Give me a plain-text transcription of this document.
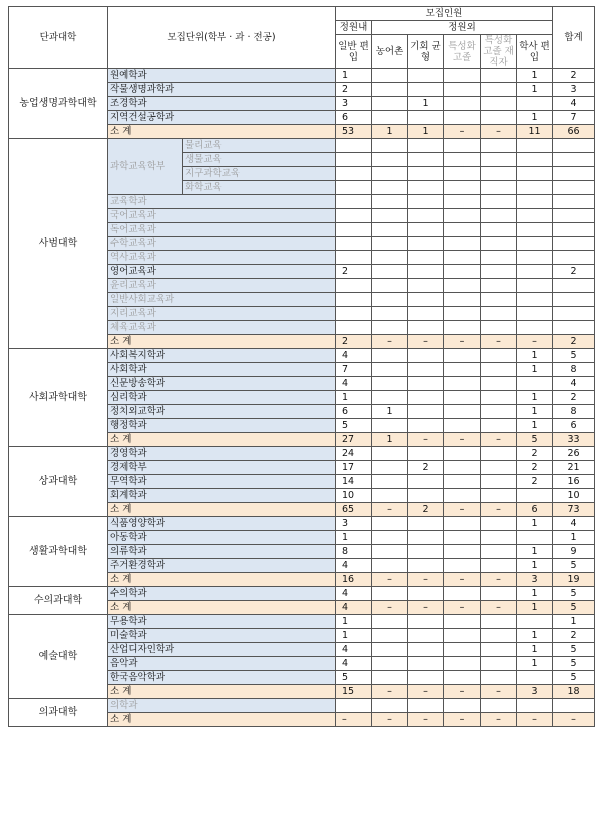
단과대학	모집단위(학부 · 과 · 전공)		모집인원						합계
			정원내	정원외					
			일반 편입	농어촌	기회 균형	특성화 고졸	특성화 고졸 재직자	학사 편입	
농업생명과학대학	원예학과		1					1	2
	작물생명과학과		2					1	3
	조경학과		3		1				4
	지역건설공학과		6					1	7
	소 계		53	1	1	–	–	11	66
사범대학	과학교육학부	물리교육							
		생물교육							
		지구과학교육							
		화학교육							
	교육학과								
	국어교육과								
	독어교육과								
	수학교육과								
	역사교육과								
	영어교육과		2						2
	윤리교육과								
	일반사회교육과								
	지리교육과								
	체육교육과								
	소 계		2	–	–	–	–	–	2
사회과학대학	사회복지학과		4					1	5
	사회학과		7					1	8
	신문방송학과		4						4
	심리학과		1					1	2
	정치외교학과		6	1				1	8
	행정학과		5					1	6
	소 계		27	1	–	–	–	5	33
상과대학	경영학과		24					2	26
	경제학부		17		2			2	21
	무역학과		14					2	16
	회계학과		10						10
	소 계		65	–	2	–	–	6	73
생활과학대학	식품영양학과		3					1	4
	아동학과		1						1
	의류학과		8					1	9
	주거환경학과		4					1	5
	소 계		16	–	–	–	–	3	19
수의과대학	수의학과		4					1	5
	소 계		4	–	–	–	–	1	5
예술대학	무용학과		1						1
	미술학과		1					1	2
	산업디자인학과		4					1	5
	음악과		4					1	5
	한국음악학과		5						5
	소 계		15	–	–	–	–	3	18
의과대학	의학과								
	소 계		–	–	–	–	–	–	–
